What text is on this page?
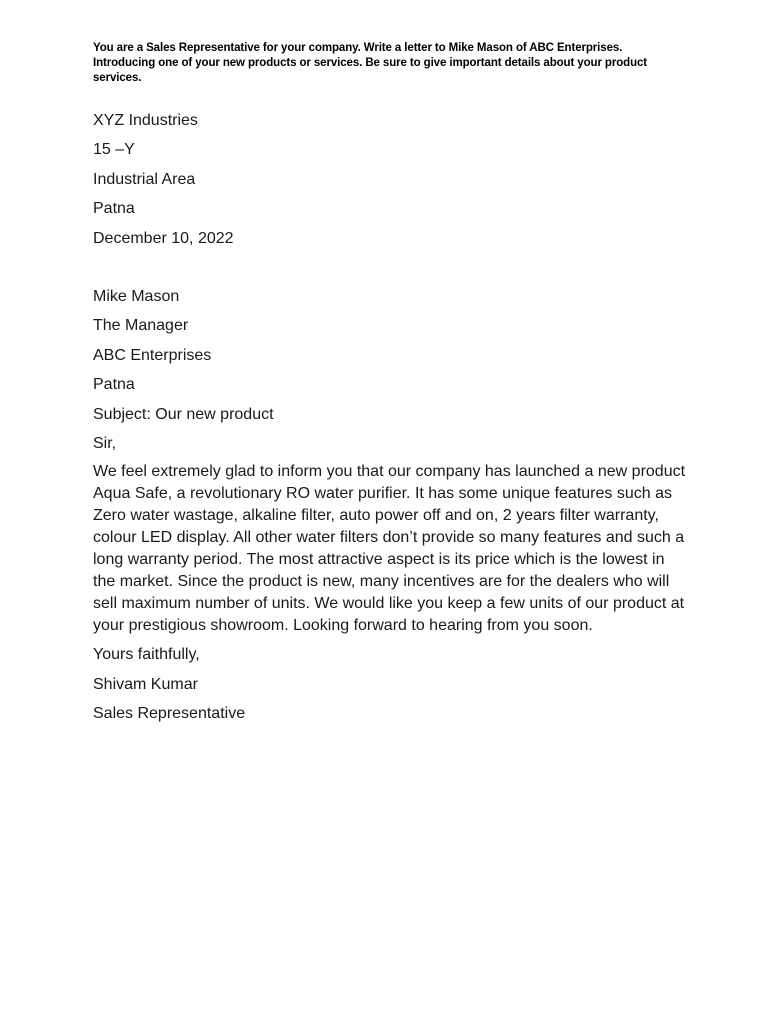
You are a Sales Representative for your company. Write a letter to Mike Mason of ABC Enterprises. Introducing one of your new products or services. Be sure to give important details about your product services.
XYZ Industries
15 –Y
Industrial Area
Patna
December 10, 2022
Mike Mason
The Manager
ABC Enterprises
Patna
Subject: Our new product
Sir,
We feel extremely glad to inform you that our company has launched a new product Aqua Safe, a revolutionary RO water purifier. It has some unique features such as Zero water wastage, alkaline filter, auto power off and on, 2 years filter warranty, colour LED display. All other water filters don’t provide so many features and such a long warranty period. The most attractive aspect is its price which is the lowest in the market. Since the product is new, many incentives are for the dealers who will sell maximum number of units. We would like you keep a few units of our product at your prestigious showroom. Looking forward to hearing from you soon.
Yours faithfully,
Shivam Kumar
Sales Representative
